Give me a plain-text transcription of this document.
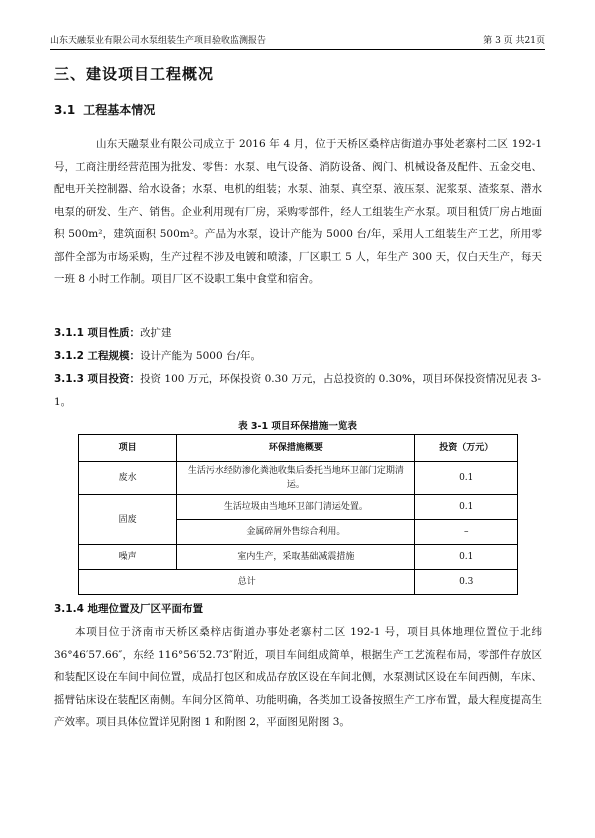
山东天融泵业有限公司水泵组装生产项目验收监测报告	第 3 页 共21页
三、建设项目工程概况
3.1 工程基本情况
山东天融泵业有限公司成立于 2016 年 4 月，位于天桥区桑梓店街道办事处老寨村二区 192-1 号，工商注册经营范围为批发、零售：水泵、电气设备、消防设备、阀门、机械设备及配件、五金交电、配电开关控制器、给水设备；水泵、电机的组装；水泵、油泵、真空泵、液压泵、泥浆泵、渣浆泵、潜水电泵的研发、生产、销售。企业利用现有厂房，采购零部件，经人工组装生产水泵。项目租赁厂房占地面积 500m²，建筑面积 500m²。产品为水泵，设计产能为 5000 台/年，采用人工组装生产工艺，所用零部件全部为市场采购，生产过程不涉及电镀和喷漆，厂区职工 5 人，年生产 300 天，仅白天生产，每天一班 8 小时工作制。项目厂区不设职工集中食堂和宿舍。
3.1.1 项目性质：改扩建
3.1.2 工程规模：设计产能为 5000 台/年。
3.1.3 项目投资：投资 100 万元，环保投资 0.30 万元，占总投资的 0.30%，项目环保投资情况见表 3-1。
表 3-1 项目环保措施一览表
项目	环保措施概要	投资（万元）
废水	生活污水经防渗化粪池收集后委托当地环卫部门定期清运。	0.1
固废	生活垃圾由当地环卫部门清运处置。	0.1
	金属碎屑外售综合利用。	–
噪声	室内生产，采取基础减震措施	0.1
总计		0.3
3.1.4 地理位置及厂区平面布置
本项目位于济南市天桥区桑梓店街道办事处老寨村二区 192-1 号，项目具体地理位置位于北纬 36°46′57.66″，东经 116°56′52.73″附近，项目车间组成简单，根据生产工艺流程布局，零部件存放区和装配区设在车间中间位置，成品打包区和成品存放区设在车间北侧，水泵测试区设在车间西侧，车床、摇臂钻床设在装配区南侧。车间分区简单、功能明确，各类加工设备按照生产工序布置，最大程度提高生产效率。项目具体位置详见附图 1 和附图 2，平面图见附图 3。
